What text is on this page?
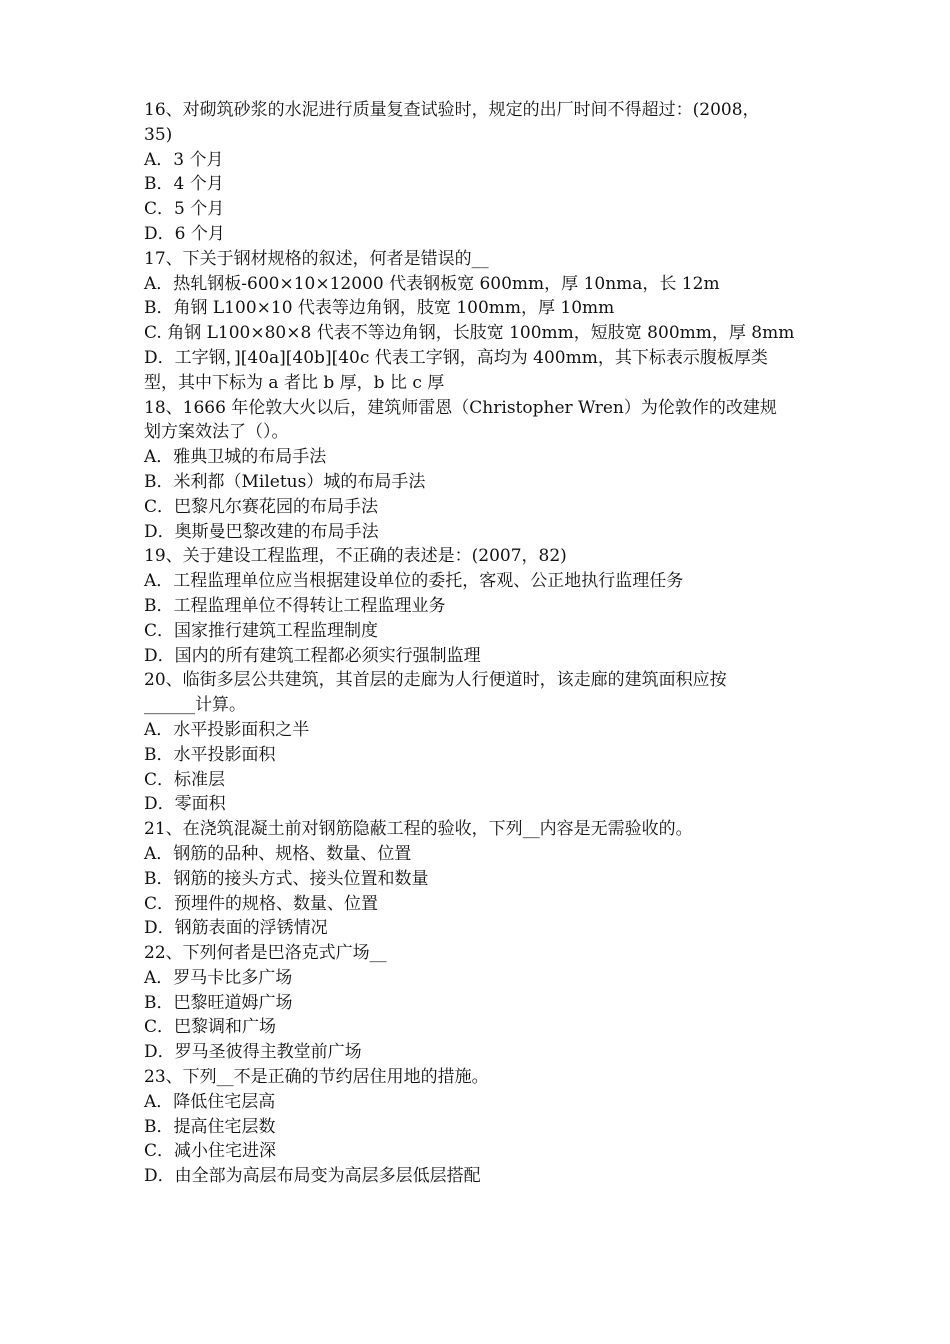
16、对砌筑砂浆的水泥进行质量复查试验时，规定的出厂时间不得超过：(2008，
35)
A．3 个月
B．4 个月
C．5 个月
D．6 个月
17、下关于钢材规格的叙述，何者是错误的__
A．热轧钢板-600×10×12000 代表钢板宽 600mm，厚 10nma，长 12m
B．角钢 L100×10 代表等边角钢，肢宽 100mm，厚 10mm
C. 角钢 L100×80×8 代表不等边角钢，长肢宽 100mm，短肢宽 800mm，厚 8mm
D．工字钢，][40a][40b][40c 代表工字钢，高均为 400mm，其下标表示腹板厚类
型，其中下标为 a 者比 b 厚，b 比 c 厚
18、1666 年伦敦大火以后，建筑师雷恩（Christopher Wren）为伦敦作的改建规
划方案效法了（）。
A．雅典卫城的布局手法
B．米利都（Miletus）城的布局手法
C．巴黎凡尔赛花园的布局手法
D．奥斯曼巴黎改建的布局手法
19、关于建设工程监理，不正确的表述是：(2007，82)
A．工程监理单位应当根据建设单位的委托，客观、公正地执行监理任务
B．工程监理单位不得转让工程监理业务
C．国家推行建筑工程监理制度
D．国内的所有建筑工程都必须实行强制监理
20、临街多层公共建筑，其首层的走廊为人行便道时，该走廊的建筑面积应按
______计算。
A．水平投影面积之半
B．水平投影面积
C．标准层
D．零面积
21、在浇筑混凝土前对钢筋隐蔽工程的验收，下列__内容是无需验收的。
A．钢筋的品种、规格、数量、位置
B．钢筋的接头方式、接头位置和数量
C．预埋件的规格、数量、位置
D．钢筋表面的浮锈情况
22、下列何者是巴洛克式广场__
A．罗马卡比多广场
B．巴黎旺道姆广场
C．巴黎调和广场
D．罗马圣彼得主教堂前广场
23、下列__不是正确的节约居住用地的措施。
A．降低住宅层高
B．提高住宅层数
C．减小住宅进深
D．由全部为高层布局变为高层多层低层搭配
